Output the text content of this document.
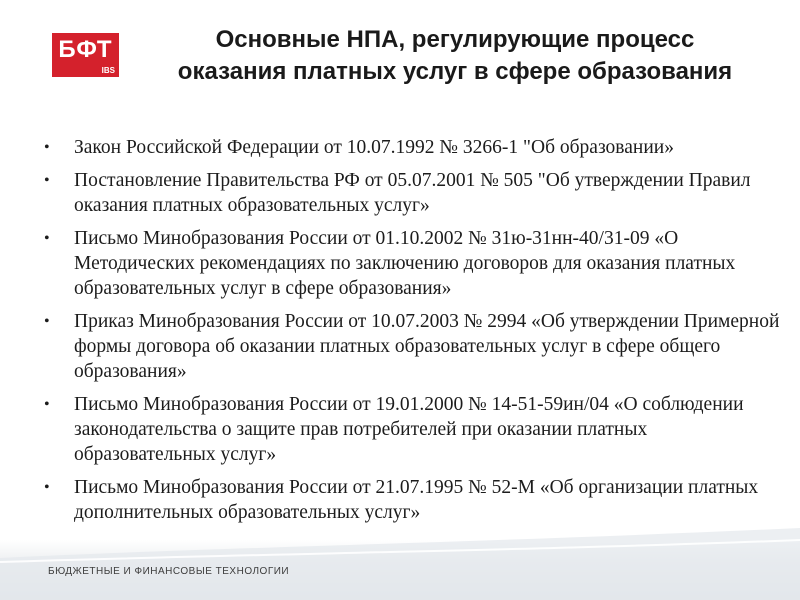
БФТ
IBS
Основные НПА, регулирующие процесс оказания платных услуг в сфере образования
•	Закон Российской Федерации от 10.07.1992 № 3266-1 "Об образовании»
•	Постановление Правительства РФ от 05.07.2001 № 505 "Об утверждении Правил оказания платных образовательных услуг»
•	Письмо Минобразования России от 01.10.2002 № 31ю-31нн-40/31-09 «О Методических рекомендациях по заключению договоров для оказания платных образовательных услуг в сфере образования»
•	Приказ Минобразования России от 10.07.2003 № 2994 «Об утверждении Примерной формы договора об оказании платных образовательных услуг в сфере общего образования»
•	Письмо Минобразования России от 19.01.2000 № 14-51-59ин/04 «О соблюдении законодательства о защите прав потребителей при оказании платных образовательных услуг»
•	Письмо Минобразования России от 21.07.1995 № 52-М «Об организации платных дополнительных образовательных услуг»
БЮДЖЕТНЫЕ И ФИНАНСОВЫЕ ТЕХНОЛОГИИ
